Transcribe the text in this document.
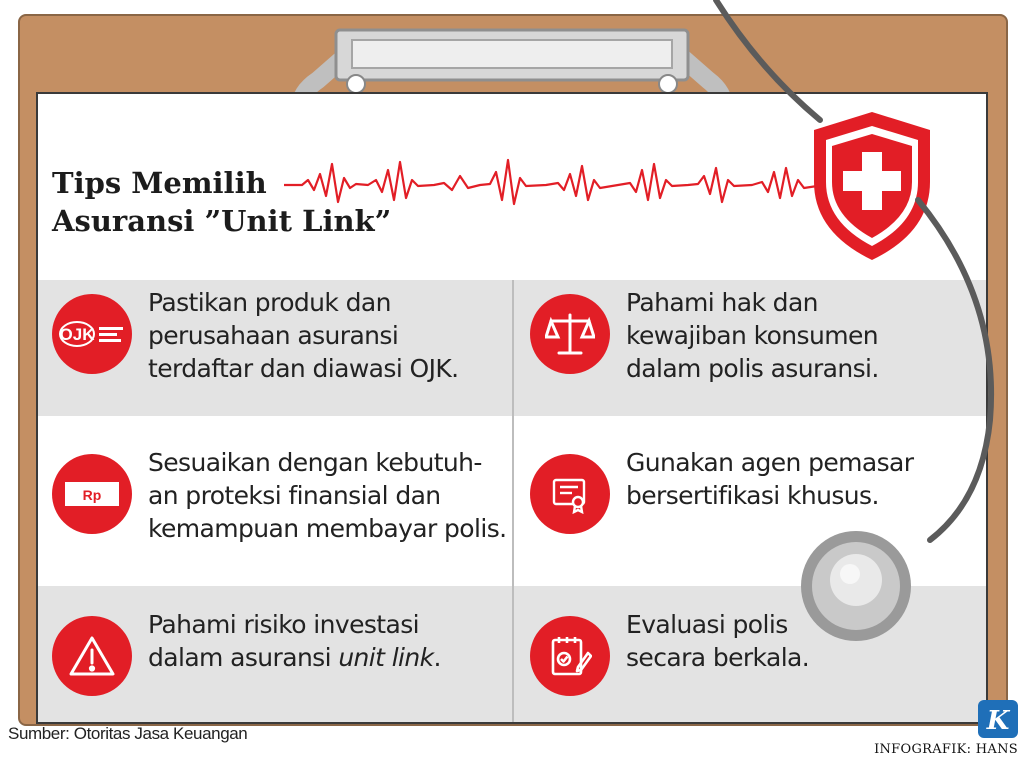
Tips Memilih
Asuransi ”Unit Link”
OJK

Pastikan produk dan
perusahaan asuransi
terdaftar dan diawasi OJK.

Pahami hak dan
kewajiban konsumen
dalam polis asuransi.

Rp

Sesuaikan dengan kebutuh-
an proteksi finansial dan
kemampuan membayar polis.

Gunakan agen pemasar
bersertifikasi khusus.

Pahami risiko investasi
dalam asuransi unit link.

Evaluasi polis
secara berkala.

Sumber: Otoritas Jasa Keuangan	K
INFOGRAFIK: HANS
